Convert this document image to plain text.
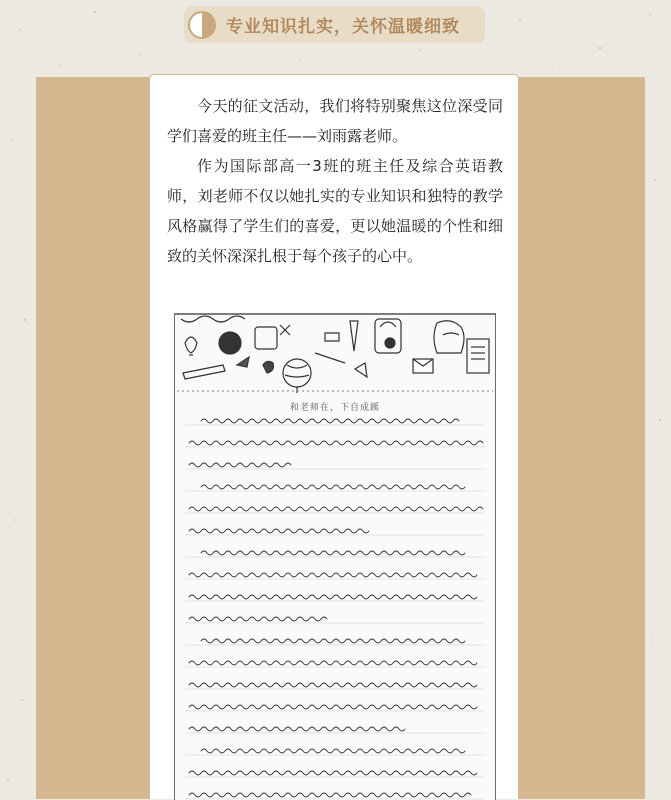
专业知识扎实，关怀温暖细致

今天的征文活动，我们将特别聚焦这位深受同学们喜爱的班主任——刘雨露老师。

作为国际部高一3班的班主任及综合英语教师，刘老师不仅以她扎实的专业知识和独特的教学风格赢得了学生们的喜爱，更以她温暖的个性和细致的关怀深深扎根于每个孩子的心中。

和老师在，下自成蹊
